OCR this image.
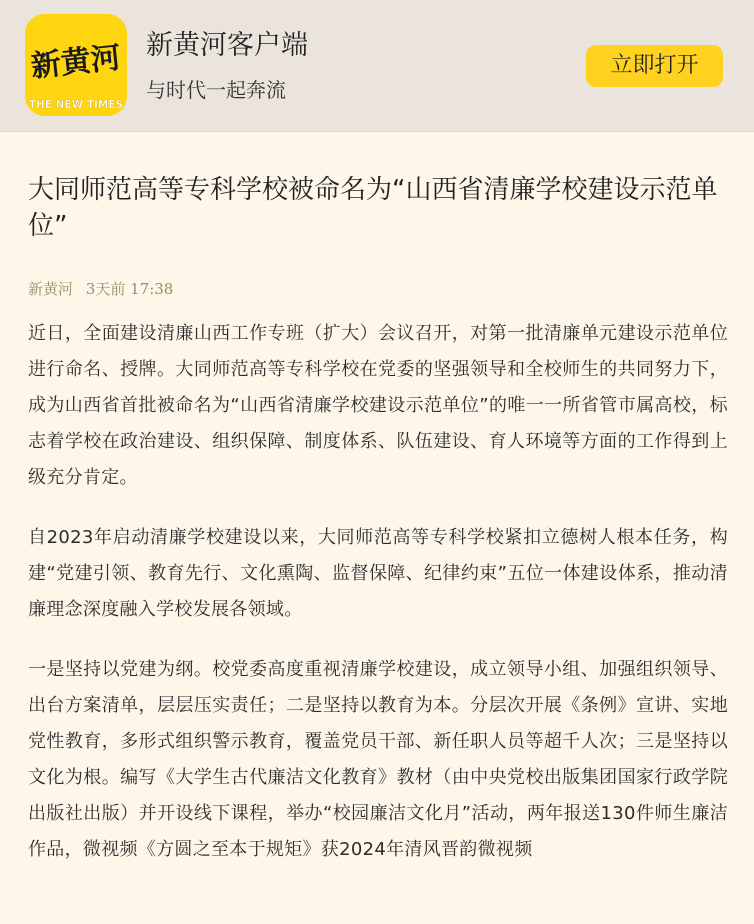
新黄河
THE NEW TIMES
新黄河客户端
与时代一起奔流
立即打开
大同师范高等专科学校被命名为“山西省清廉学校建设示范单位”
新黄河 3天前 17:38

近日，全面建设清廉山西工作专班（扩大）会议召开，对第一批清廉单元建设示范单位进行命名、授牌。大同师范高等专科学校在党委的坚强领导和全校师生的共同努力下，成为山西省首批被命名为“山西省清廉学校建设示范单位”的唯一一所省管市属高校，标志着学校在政治建设、组织保障、制度体系、队伍建设、育人环境等方面的工作得到上级充分肯定。

自2023年启动清廉学校建设以来，大同师范高等专科学校紧扣立德树人根本任务，构建“党建引领、教育先行、文化熏陶、监督保障、纪律约束”五位一体建设体系，推动清廉理念深度融入学校发展各领域。

一是坚持以党建为纲。校党委高度重视清廉学校建设，成立领导小组、加强组织领导、出台方案清单，层层压实责任；二是坚持以教育为本。分层次开展《条例》宣讲、实地党性教育，多形式组织警示教育，覆盖党员干部、新任职人员等超千人次；三是坚持以文化为根。编写《大学生古代廉洁文化教育》教材（由中央党校出版集团国家行政学院出版社出版）并开设线下课程，举办“校园廉洁文化月”活动，两年报送130件师生廉洁作品，微视频《方圆之至本于规矩》获2024年清风晋韵微视频
